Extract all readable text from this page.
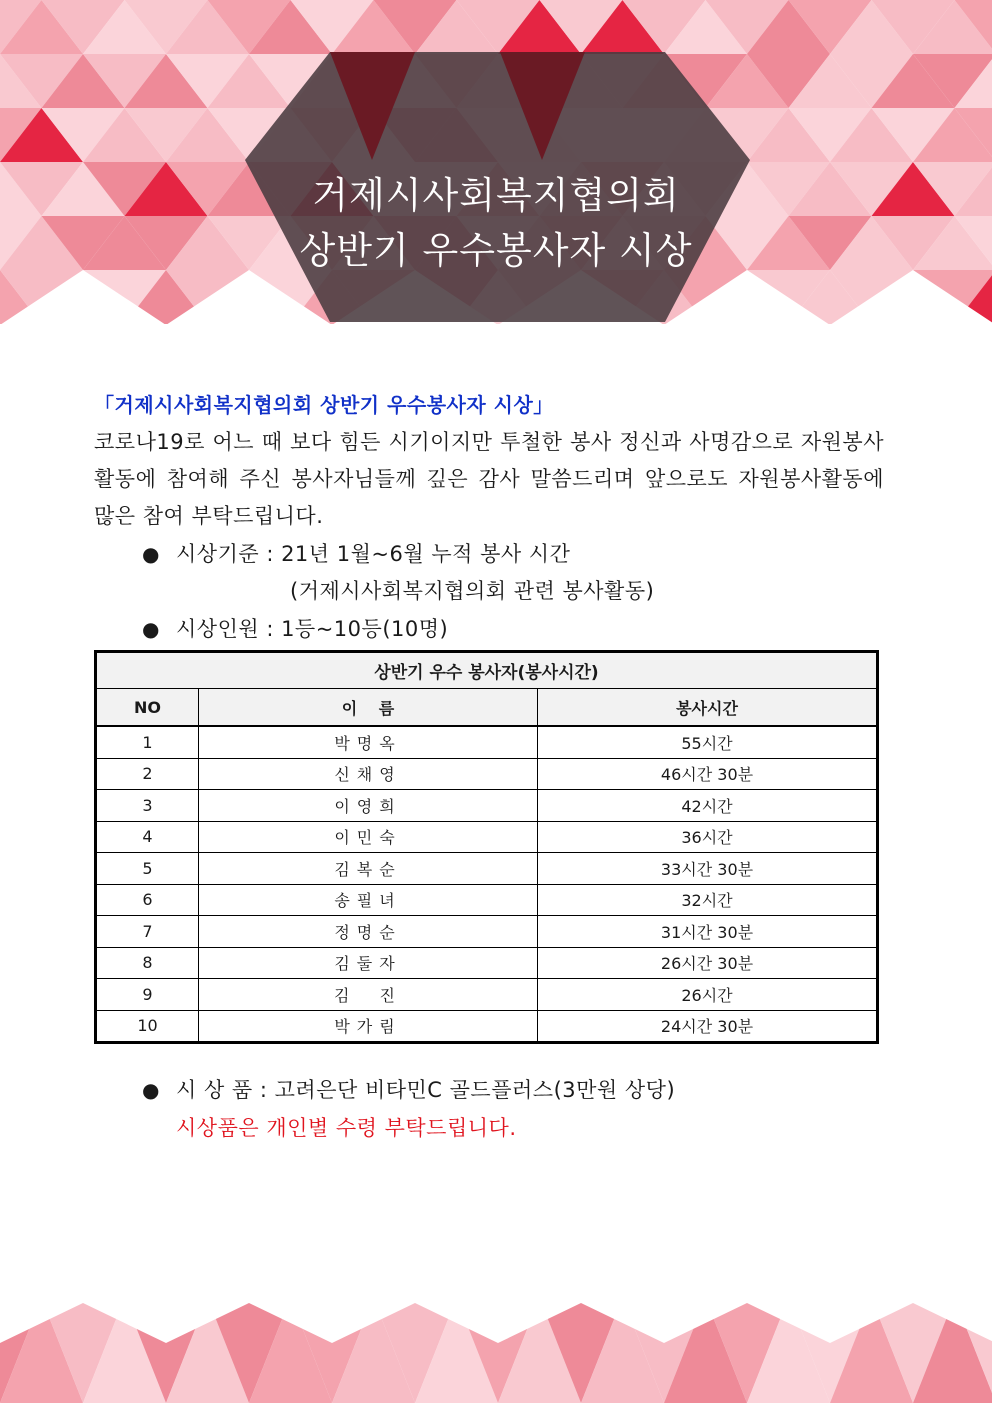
거제시사회복지협의회
상반기 우수봉사자 시상
「거제시사회복지협의회 상반기 우수봉사자 시상」
코로나19로 어느 때 보다 힘든 시기이지만 투철한 봉사 정신과 사명감으로 자원봉사활동에 참여해 주신 봉사자님들께 깊은 감사 말씀드리며 앞으로도 자원봉사활동에 많은 참여 부탁드립니다.
● 시상기준 : 21년 1월~6월 누적 봉사 시간
(거제시사회복지협의회 관련 봉사활동)
● 시상인원 : 1등~10등(10명)
상반기 우수 봉사자(봉사시간)		
NO	이　 름	봉사시간
1	박명옥	55시간
2	신채영	46시간 30분
3	이영희	42시간
4	이민숙	36시간
5	김복순	33시간 30분
6	송필녀	32시간
7	정명순	31시간 30분
8	김둘자	26시간 30분
9	김　진	26시간
10	박가림	24시간 30분
● 시 상 품 : 고려은단 비타민C 골드플러스(3만원 상당)
시상품은 개인별 수령 부탁드립니다.
